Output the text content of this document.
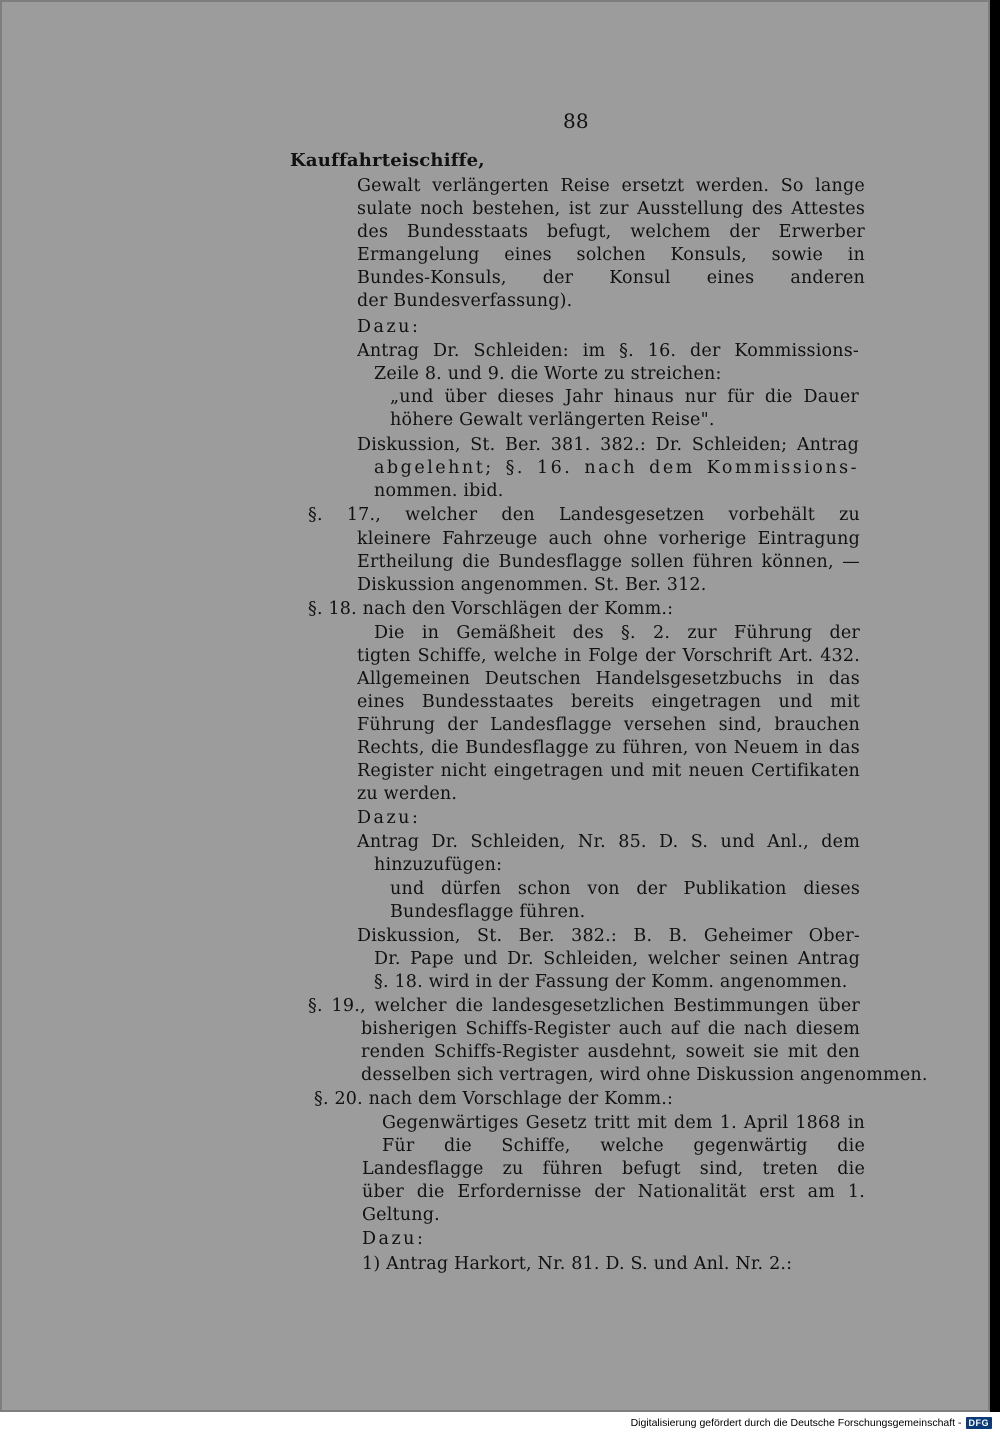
88
Kauffahrteischiffe,
Gewalt verlängerten Reise ersetzt werden. So lange
sulate noch bestehen, ist zur Ausstellung des Attestes
des Bundesstaats befugt, welchem der Erwerber
Ermangelung eines solchen Konsuls, sowie in
Bundes-Konsuls, der Konsul eines anderen
der Bundesverfassung).
Dazu:
Antrag Dr. Schleiden: im §. 16. der Kommissions-
Zeile 8. und 9. die Worte zu streichen:
„und über dieses Jahr hinaus nur für die Dauer
höhere Gewalt verlängerten Reise".
Diskussion, St. Ber. 381. 382.: Dr. Schleiden; Antrag
abgelehnt; §. 16. nach dem Kommissions-
nommen. ibid.
§. 17., welcher den Landesgesetzen vorbehält zu
kleinere Fahrzeuge auch ohne vorherige Eintragung
Ertheilung die Bundesflagge sollen führen können, —
Diskussion angenommen. St. Ber. 312.
§. 18. nach den Vorschlägen der Komm.:
Die in Gemäßheit des §. 2. zur Führung der
tigten Schiffe, welche in Folge der Vorschrift Art. 432.
Allgemeinen Deutschen Handelsgesetzbuchs in das
eines Bundesstaates bereits eingetragen und mit
Führung der Landesflagge versehen sind, brauchen
Rechts, die Bundesflagge zu führen, von Neuem in das
Register nicht eingetragen und mit neuen Certifikaten
zu werden.
Dazu:
Antrag Dr. Schleiden, Nr. 85. D. S. und Anl., dem
hinzuzufügen:
und dürfen schon von der Publikation dieses
Bundesflagge führen.
Diskussion, St. Ber. 382.: B. B. Geheimer Ober-
Dr. Pape und Dr. Schleiden, welcher seinen Antrag
§. 18. wird in der Fassung der Komm. angenommen.
§. 19., welcher die landesgesetzlichen Bestimmungen über
bisherigen Schiffs-Register auch auf die nach diesem
renden Schiffs-Register ausdehnt, soweit sie mit den
desselben sich vertragen, wird ohne Diskussion angenommen.
§. 20. nach dem Vorschlage der Komm.:
Gegenwärtiges Gesetz tritt mit dem 1. April 1868 in
Für die Schiffe, welche gegenwärtig die
Landesflagge zu führen befugt sind, treten die
über die Erfordernisse der Nationalität erst am 1.
Geltung.
Dazu:
1) Antrag Harkort, Nr. 81. D. S. und Anl. Nr. 2.:
Digitalisierung gefördert durch die Deutsche Forschungsgemeinschaft - DFG
